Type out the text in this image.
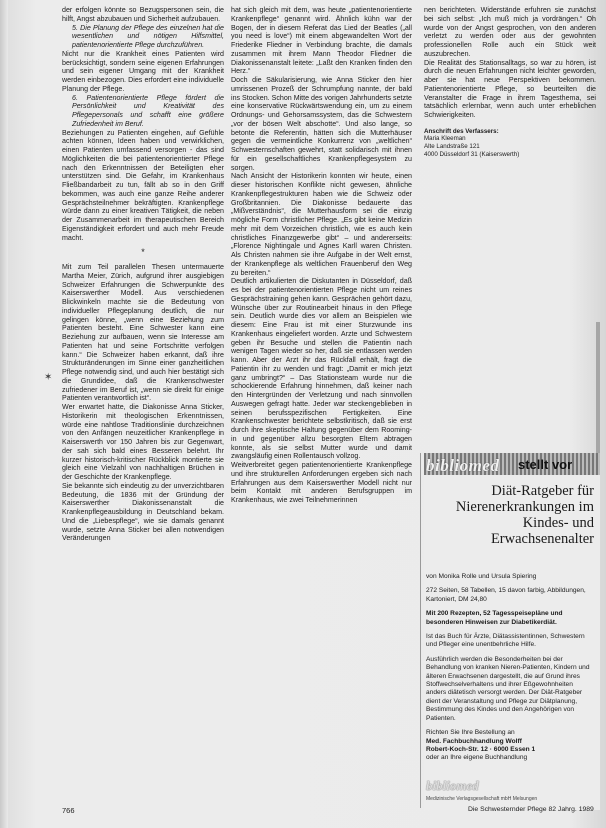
✶

der erfolgen könnte so Bezugspersonen sein, die hilft, Angst abzubauen und Sicherheit aufzubauen.

5. Die Planung der Pflege des einzelnen hat die wesentlichen und nötigen Hilfsmittel, patientenorientierte Pflege durchzuführen.

Nicht nur die Krankheit eines Patienten wird berücksichtigt, sondern seine eigenen Erfahrungen und sein eigener Umgang mit der Krankheit werden einbezogen. Dies erfordert eine individuelle Planung der Pflege.

6. Patientenorientierte Pflege fördert die Persönlichkeit und Kreativität des Pflegepersonals und schafft eine größere Zufriedenheit im Beruf.

Beziehungen zu Patienten eingehen, auf Gefühle achten können, Ideen haben und verwirklichen, einen Patienten umfassend versorgen - das sind Möglichkeiten die bei patientenorientierter Pflege nach den Erkenntnissen der Beteiligten eher unterstützen sind. Die Gefahr, im Krankenhaus Fließbandarbeit zu tun, fällt ab so in den Griff bekommen, was auch eine ganze Reihe anderer Gesprächsteilnehmer bekräftigten. Krankenpflege würde dann zu einer kreativen Tätigkeit, die neben der Zusammenarbeit im therapeutischen Bereich Eigenständigkeit erfordert und auch mehr Freude macht.

*

Mit zum Teil parallelen Thesen untermauerte Martha Meier, Zürich, aufgrund ihrer ausgiebigen Schweizer Erfahrungen die Schwerpunkte des Kaiserswerther Modell. Aus verschiedenen Blickwinkeln machte sie die Bedeutung von individueller Pflegeplanung deutlich, die nur gelingen könne, „wenn eine Beziehung zum Patienten besteht. Eine Schwester kann eine Beziehung zur aufbauen, wenn sie Interesse am Patienten hat und seine Fortschritte verfolgen kann.“ Die Schweizer haben erkannt, daß ihre Strukturänderungen im Sinne einer ganzheitlichen Pflege notwendig sind, und auch hier bestätigt sich die Grundidee, daß die Krankenschwester zufriedener im Beruf ist, „wenn sie direkt für einige Patienten verantwortlich ist“.

Wer erwartet hatte, die Diakonisse Anna Sticker, Historikerin mit theologischen Erkenntnissen, würde eine nahtlose Traditionslinie durchzeichnen von den Anfängen neuzeitlicher Krankenpflege in Kaiserswerth vor 150 Jahren bis zur Gegenwart, der sah sich bald eines Besseren belehrt. Ihr kurzer historisch-kritischer Rückblick montierte sie gleich eine Vielzahl von nachhaltigen Brüchen in der Geschichte der Krankenpflege.

Sie bekannte sich eindeutig zu der unverzichtbaren Bedeutung, die 1836 mit der Gründung der Kaiserswerther Diakonissenanstalt die Krankenpflegeausbildung in Deutschland bekam. Und die „Liebespflege“, wie sie damals genannt wurde, setzte Anna Sticker bei allen notwendigen Veränderungen

hat sich gleich mit dem, was heute „patientenorientierte Krankenpflege“ genannt wird. Ähnlich kühn war der Bogen, der in diesem Referat das Lied der Beatles („all you need is love“) mit einem abgewandelten Wort der Friederike Fliedner in Verbindung brachte, die damals zusammen mit ihrem Mann Theodor Fliedner die Diakonissenanstalt leitete: „Laßt den Kranken finden den Herz.“

Doch die Säkularisierung, wie Anna Sticker den hier umrissenen Prozeß der Schrumpfung nannte, der bald ins Stocken. Schon Mitte des vorigen Jahrhunderts setzte eine konservative Rückwärtswendung ein, um zu einem Ordnungs- und Gehorsamssystem, das die Schwestern „vor der bösen Welt abschotte“. Und also lange, so betonte die Referentin, hätten sich die Mutterhäuser gegen die vermeintliche Konkurrenz von „weltlichen“ Schwesternschaften gewehrt, statt solidarisch mit ihnen für ein gesellschaftliches Krankenpflegesystem zu sorgen.

Nach Ansicht der Historikerin konnten wir heute, einen dieser historischen Konflikte nicht gewesen, ähnliche Krankenpflegestrukturen haben wie die Schweiz oder Großbritannien. Die Diakonisse bedauerte das „Mißverständnis“, die Mutterhausform sei die einzig mögliche Form christlicher Pflege. „Es gibt keine Medizin mehr mit dem Vorzeichen christlich, wie es auch kein christliches Finanzgewerbe gibt“ – und andererseits: „Florence Nightingale und Agnes Karll waren Christen. Als Christen nahmen sie ihre Aufgabe in der Welt ernst, der Krankenpflege als weltlichen Frauenberuf den Weg zu bereiten.“

Deutlich artikulierten die Diskutanten in Düsseldorf, daß es bei der patientenorientierten Pflege nicht um reines Gesprächstraining gehen kann. Gesprächen gehört dazu, Wünsche über zur Routinearbeit hinaus in den Pflege sein. Deutlich wurde dies vor allem an Beispielen wie diesem: Eine Frau ist mit einer Sturzwunde ins Krankenhaus eingeliefert worden. Arzte und Schwestern geben ihr Besuche und stellen die Patientin nach wenigen Tagen wieder so her, daß sie entlassen werden kann. Aber der Arzt ihr das Rückfall erhält, fragt die Patientin ihr zu wenden und fragt: „Damit er mich jetzt ganz umbringt?“ – Das Stationsteam wurde nur die schockierende Erfahrung hinnehmen, daß keiner nach den Hintergründen der Verletzung und nach sinnvollen Auswegen gefragt hatte. Jeder war steckengeblieben in seinen berufsspezifischen Fertigkeiten. Eine Krankenschwester berichtete selbstkritisch, daß sie erst durch ihre skeptische Haltung gegenüber dem Rooming-in und gegenüber allzu besorgten Eltern abtragen konnte, als sie selbst Mutter wurde und damit zwangsläufig einen Rollentausch vollzog.

Weitverbreitet gegen patientenorientierte Krankenpflege und ihre strukturellen Anforderungen ergeben sich nach Erfahrungen aus dem Kaiserswerther Modell nicht nur beim Kontakt mit anderen Berufsgruppen im Krankenhaus, wie zwei Teilnehmerinnen

nen berichteten. Widerstände erfuhren sie zunächst bei sich selbst: „Ich muß mich ja vordrängen.“ Oh wurde von der Angst gesprochen, von den anderen verletzt zu werden oder aus der gewohnten professionellen Rolle auch ein Stück weit auszubrechen.

Die Realität des Stationsalltags, so war zu hören, ist durch die neuen Erfahrungen nicht leichter geworden, aber sie hat neue Perspektiven bekommen. Patientenorientierte Pflege, so beurteilten die Veranstalter die Frage in ihrem Tagesthema, sei tatsächlich erlernbar, wenn auch unter erheblichen Schwierigkeiten.

Anschrift des Verfassers:

Maria Kleeman

Alte Landstraße 121

4000 Düsseldorf 31 (Kaiserswerth)

bibliomed stellt vor
Diät-Ratgeber für Nierenerkrankungen im Kindes- und Erwachsenenalter

von Monika Rolle und Ursula Spiering

272 Seiten, 58 Tabellen, 15 davon farbig, Abbildungen, Kartoniert, DM 24,80

Mit 200 Rezepten, 52 Tagesspeisepläne und besonderen Hinweisen zur Diabetikerdiät.

Ist das Buch für Ärzte, Diätassistentinnen, Schwestern und Pfleger eine unentbehrliche Hilfe.

Ausführlich werden die Besonderheiten bei der Behandlung von kranken Nieren-Patienten, Kindern und älteren Erwachsenen dargestellt, die auf Grund ihres Stoffwechselverhaltens und ihrer Eßgewohnheiten anders diätetisch versorgt werden. Der Diät-Ratgeber dient der Veranstaltung und Pflege zur Diätplanung, Bestimmung des Kindes und den Angehörigen von Patienten.

Richten Sie Ihre Bestellung an

Med. Fachbuchhandlung Wolff

Robert-Koch-Str. 12 · 6000 Essen 1

oder an Ihre eigene Buchhandlung

bibliomed
Medizinische Verlagsgesellschaft mbH Melsungen
766	Die Schwesternder Pflege 82 Jahrg. 1989
